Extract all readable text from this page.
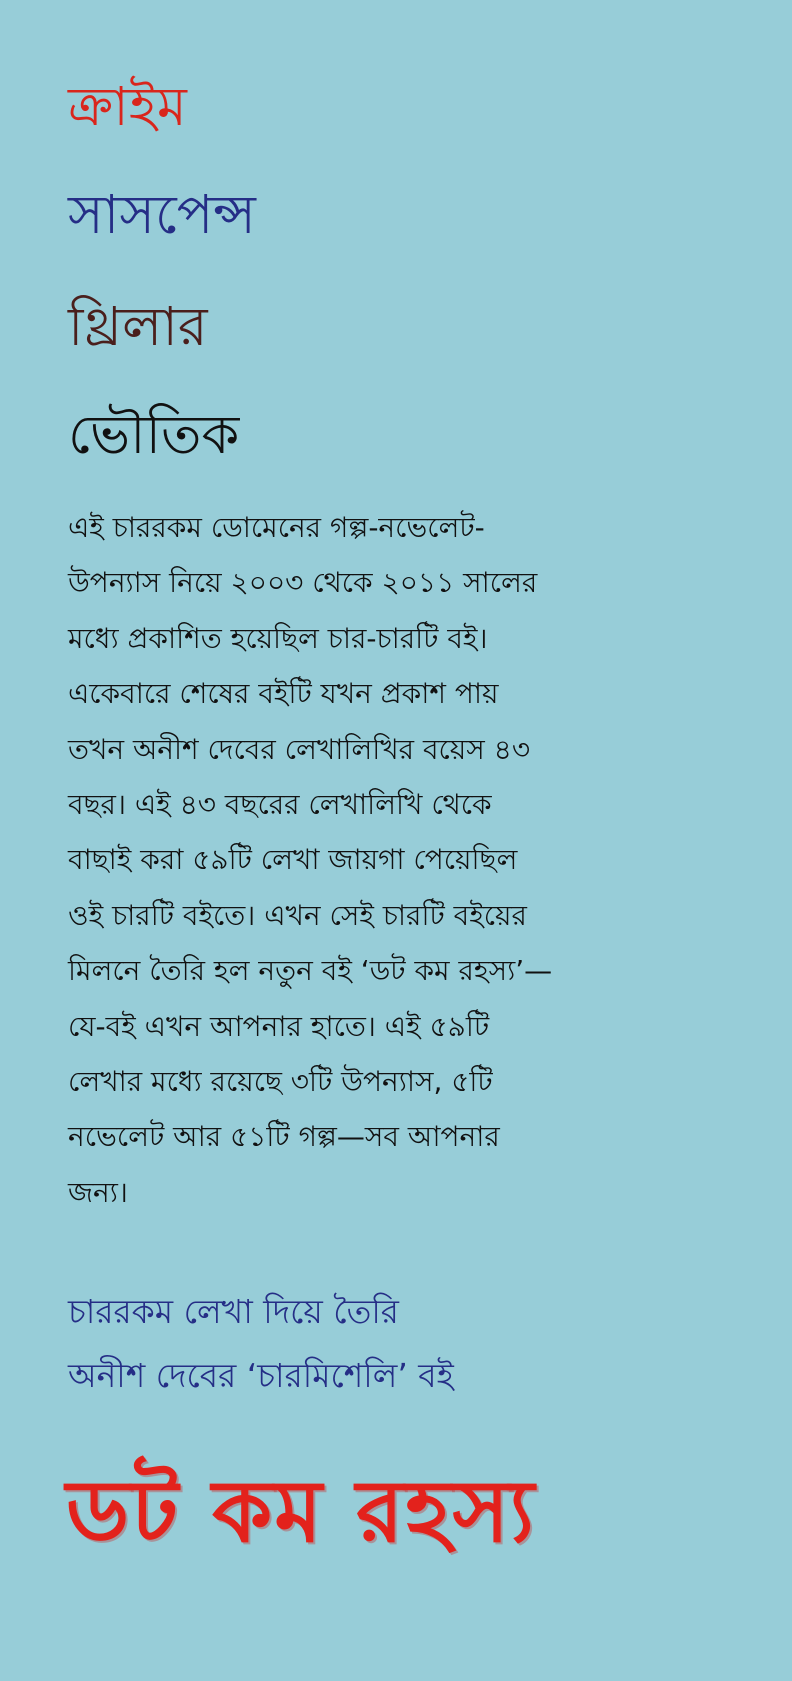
ক্রাইম
সাসপেন্স
থ্রিলার
ভৌতিক

এই চাররকম ডোমেনের গল্প-নভেলেট-
উপন্যাস নিয়ে ২০০৩ থেকে ২০১১ সালের
মধ্যে প্রকাশিত হয়েছিল চার-চারটি বই।
একেবারে শেষের বইটি যখন প্রকাশ পায়
তখন অনীশ দেবের লেখালিখির বয়েস ৪৩
বছর। এই ৪৩ বছরের লেখালিখি থেকে
বাছাই করা ৫৯টি লেখা জায়গা পেয়েছিল
ওই চারটি বইতে। এখন সেই চারটি বইয়ের
মিলনে তৈরি হল নতুন বই ‘ডট কম রহস্য’—
যে-বই এখন আপনার হাতে। এই ৫৯টি
লেখার মধ্যে রয়েছে ৩টি উপন্যাস, ৫টি
নভেলেট আর ৫১টি গল্প—সব আপনার
জন্য।

চাররকম লেখা দিয়ে তৈরি
অনীশ দেবের ‘চারমিশেলি’ বই

ডট কম রহস্য
